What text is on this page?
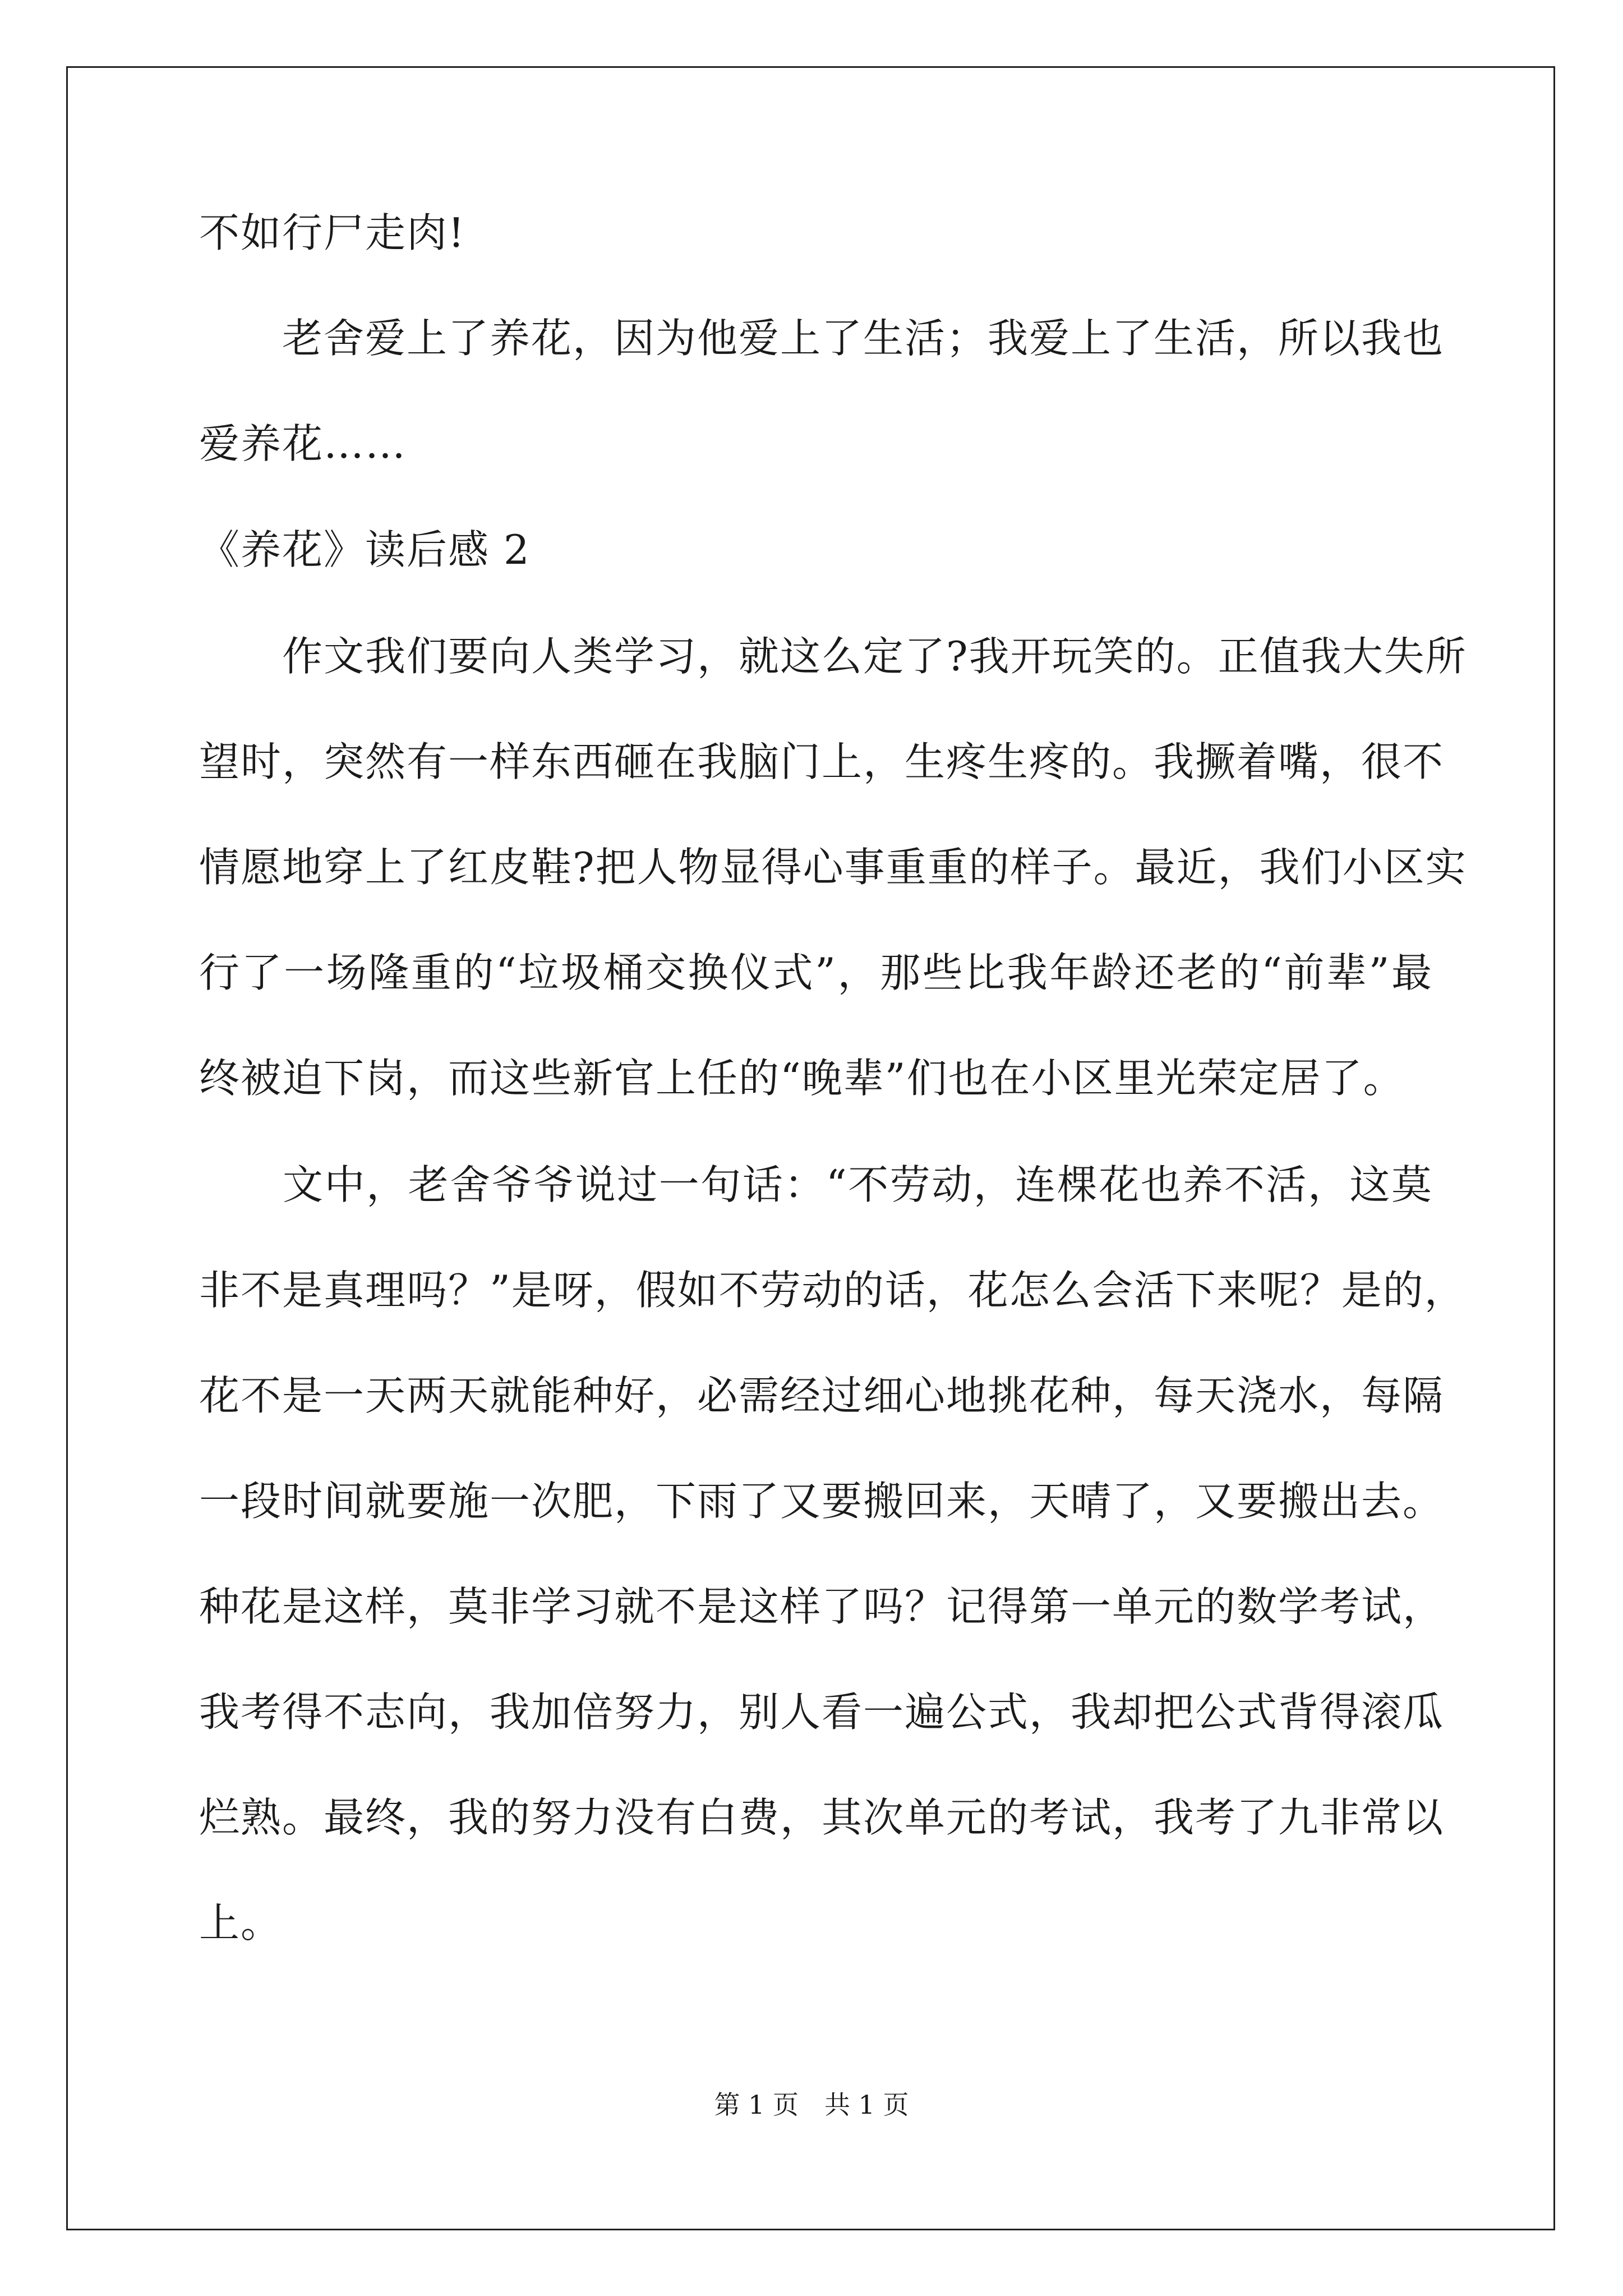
不如行尸走肉!
　　老舍爱上了养花，因为他爱上了生活；我爱上了生活，所以我也
爱养花……
《养花》读后感 2
　　作文我们要向人类学习，就这么定了?我开玩笑的。正值我大失所
望时，突然有一样东西砸在我脑门上，生疼生疼的。我撅着嘴，很不
情愿地穿上了红皮鞋?把人物显得心事重重的样子。最近，我们小区实
行了一场隆重的“垃圾桶交换仪式”，那些比我年龄还老的“前辈”最
终被迫下岗，而这些新官上任的“晚辈”们也在小区里光荣定居了。
　　文中，老舍爷爷说过一句话：“不劳动，连棵花也养不活，这莫
非不是真理吗？”是呀，假如不劳动的话，花怎么会活下来呢？是的，
花不是一天两天就能种好，必需经过细心地挑花种，每天浇水，每隔
一段时间就要施一次肥，下雨了又要搬回来，天晴了，又要搬出去。
种花是这样，莫非学习就不是这样了吗？记得第一单元的数学考试，
我考得不志向，我加倍努力，别人看一遍公式，我却把公式背得滚瓜
烂熟。最终，我的努力没有白费，其次单元的考试，我考了九非常以
上。
第 1 页　共 1 页
